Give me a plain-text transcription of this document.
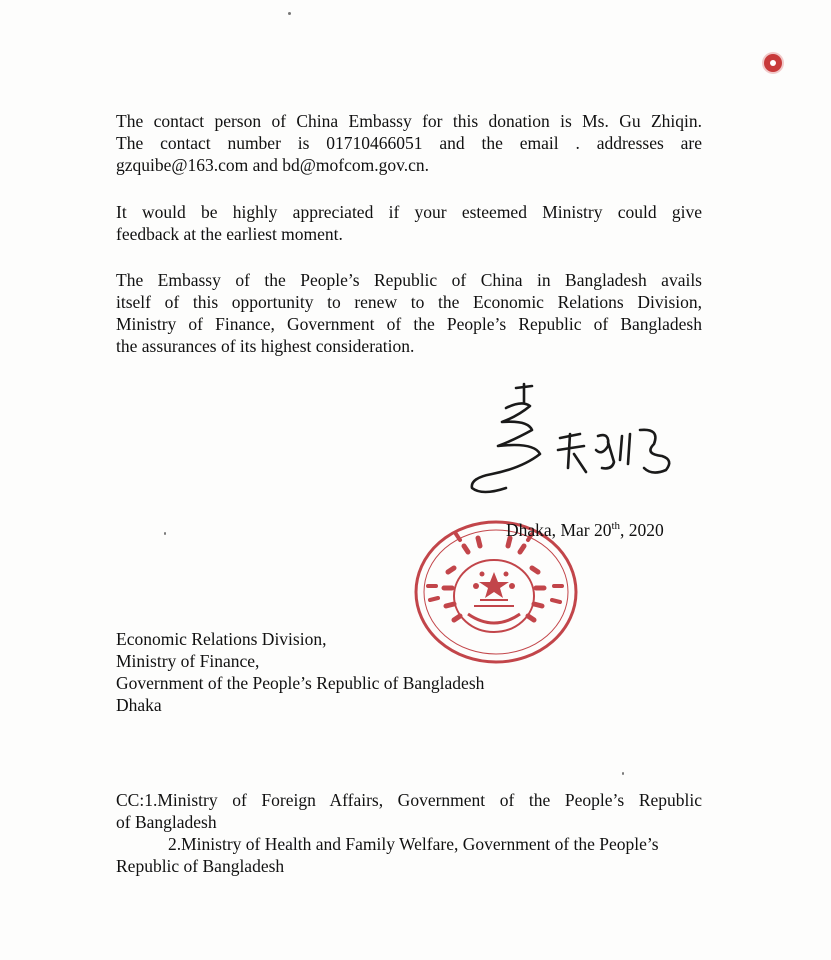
The contact person of China Embassy for this donation is Ms. Gu Zhiqin.
The contact number is 01710466051 and the email . addresses are
gzquibe@163.com and bd@mofcom.gov.cn.

It would be highly appreciated if your esteemed Ministry could give
feedback at the earliest moment.

The Embassy of the People’s Republic of China in Bangladesh avails
itself of this opportunity to renew to the Economic Relations Division,
Ministry of Finance, Government of the People’s Republic of Bangladesh
the assurances of its highest consideration.

Dhaka, Mar 20th, 2020

Economic Relations Division,
Ministry of Finance,
Government of the People’s Republic of Bangladesh
Dhaka

CC:1.Ministry of Foreign Affairs, Government of the People’s Republic
of Bangladesh
2.Ministry of Health and Family Welfare, Government of the People’s
Republic of Bangladesh
